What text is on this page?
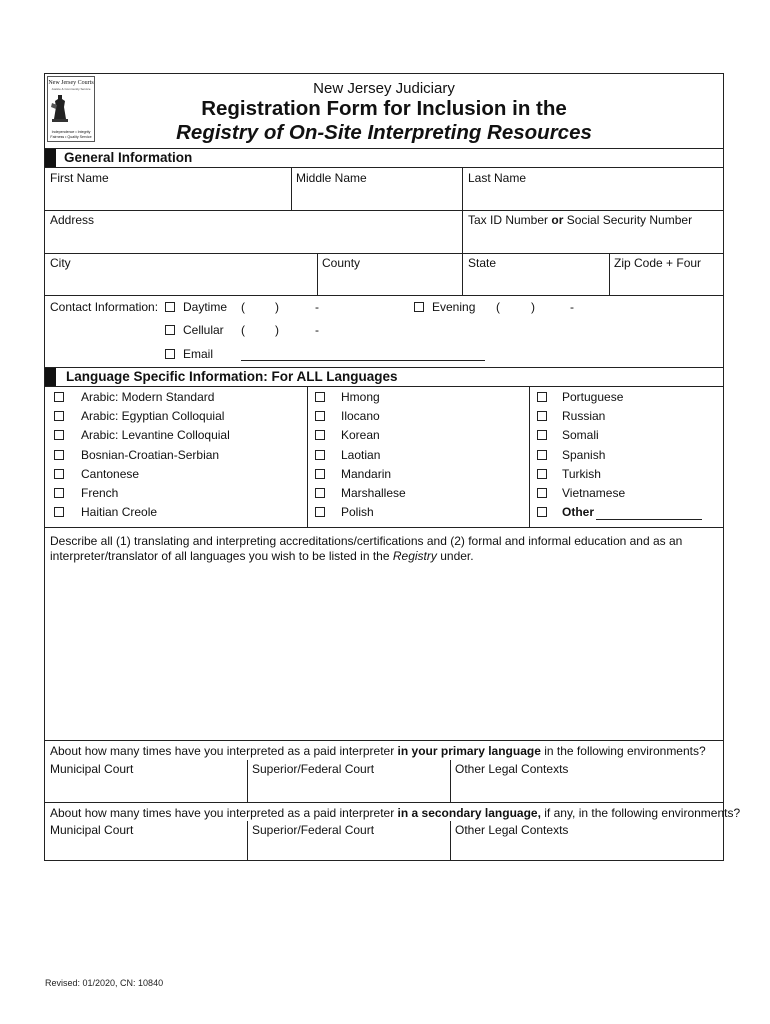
New Jersey Courts
Justice & Community Service
Independence • Integrity
Fairness • Quality Service
New Jersey Judiciary
Registration Form for Inclusion in the
Registry of On-Site Interpreting Resources
General Information
First Name	Middle Name	Last Name
Address	Tax ID Number or Social Security Number
City	County	State	Zip Code + Four
Contact Information: Daytime (	)	-	Evening (	)	-
Cellular (	)	-
Email
Language Specific Information: For ALL Languages
Arabic: Modern Standard
Arabic: Egyptian Colloquial
Arabic: Levantine Colloquial
Bosnian-Croatian-Serbian
Cantonese
French
Haitian Creole
Hmong
Ilocano
Korean
Laotian
Mandarin
Marshallese
Polish
Portuguese
Russian
Somali
Spanish
Turkish
Vietnamese
Other
Describe all (1) translating and interpreting accreditations/certifications and (2) formal and informal education and as an
interpreter/translator of all languages you wish to be listed in the Registry under.
About how many times have you interpreted as a paid interpreter in your primary language in the following environments?
Municipal Court	Superior/Federal Court	Other Legal Contexts
About how many times have you interpreted as a paid interpreter in a secondary language, if any, in the following environments?
Municipal Court	Superior/Federal Court	Other Legal Contexts
Revised: 01/2020, CN: 10840
